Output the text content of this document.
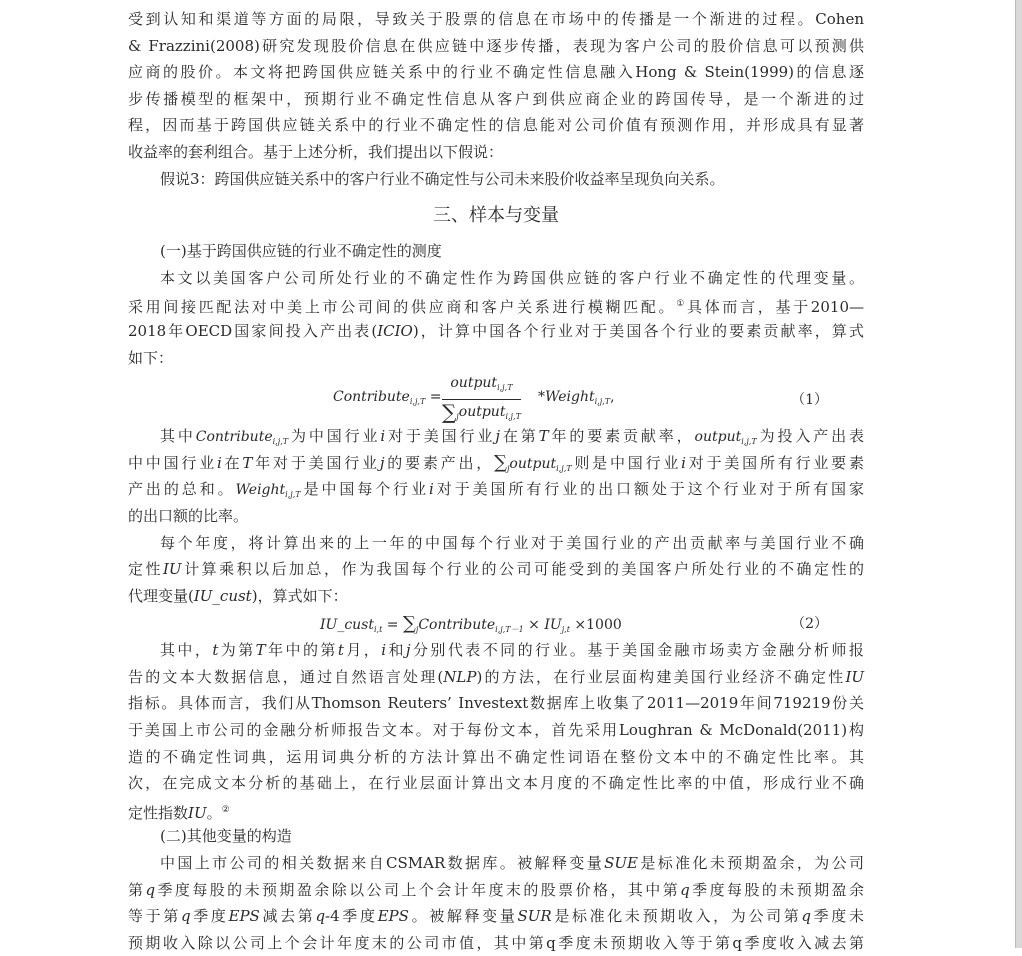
受到认知和渠道等方面的局限，导致关于股票的信息在市场中的传播是一个渐进的过程。Cohen
& Frazzini(2008)研究发现股价信息在供应链中逐步传播，表现为客户公司的股价信息可以预测供
应商的股价。本文将把跨国供应链关系中的行业不确定性信息融入Hong & Stein(1999)的信息逐
步传播模型的框架中，预期行业不确定性信息从客户到供应商企业的跨国传导，是一个渐进的过
程，因而基于跨国供应链关系中的行业不确定性的信息能对公司价值有预测作用，并形成具有显著
收益率的套利组合。基于上述分析，我们提出以下假说：
假说3：跨国供应链关系中的客户行业不确定性与公司未来股价收益率呈现负向关系。
三、样本与变量
(一)基于跨国供应链的行业不确定性的测度
本文以美国客户公司所处行业的不确定性作为跨国供应链的客户行业不确定性的代理变量。
采用间接匹配法对中美上市公司间的供应商和客户关系进行模糊匹配。①具体而言，基于2010—
2018年OECD国家间投入产出表(ICIO)，计算中国各个行业对于美国各个行业的要素贡献率，算式
如下：
Contribute$_{i,j,T}$ =
output$_{i,j,T}$
$\sum_joutput_{i,j,T}$
*Weight$_{i,j,T}$,	（1）
其中Contribute$_{i,j,T}$为中国行业i对于美国行业j在第T年的要素贡献率，output$_{i,j,T}$为投入产出表
中中国行业i在T年对于美国行业j的要素产出，$\sum_joutput_{i,j,T}$则是中国行业i对于美国所有行业要素
产出的总和。Weight$_{i,j,T}$是中国每个行业i对于美国所有行业的出口额处于这个行业对于所有国家
的出口额的比率。
每个年度，将计算出来的上一年的中国每个行业对于美国行业的产出贡献率与美国行业不确
定性IU计算乘积以后加总，作为我国每个行业的公司可能受到的美国客户所处行业的不确定性的
代理变量(IU_cust)，算式如下：
IU_cust$_{i,t}$ = $\sum_jContribute_{i,j,T-1} \times IU_{j,t} \times 1000$	（2）
其中，t为第T年中的第t月，i和j分别代表不同的行业。基于美国金融市场卖方金融分析师报
告的文本大数据信息，通过自然语言处理(NLP)的方法，在行业层面构建美国行业经济不确定性IU
指标。具体而言，我们从Thomson Reuters’ Investext数据库上收集了2011—2019年间719219份关
于美国上市公司的金融分析师报告文本。对于每份文本，首先采用Loughran & McDonald(2011)构
造的不确定性词典，运用词典分析的方法计算出不确定性词语在整份文本中的不确定性比率。其
次，在完成文本分析的基础上，在行业层面计算出文本月度的不确定性比率的中值，形成行业不确
定性指数IU。②
(二)其他变量的构造
中国上市公司的相关数据来自CSMAR数据库。被解释变量SUE是标准化未预期盈余，为公司
第q季度每股的未预期盈余除以公司上个会计年度末的股票价格，其中第q季度每股的未预期盈余
等于第q季度EPS减去第q-4季度EPS。被解释变量SUR是标准化未预期收入，为公司第q季度未
预期收入除以公司上个会计年度末的公司市值，其中第q季度未预期收入等于第q季度收入减去第
